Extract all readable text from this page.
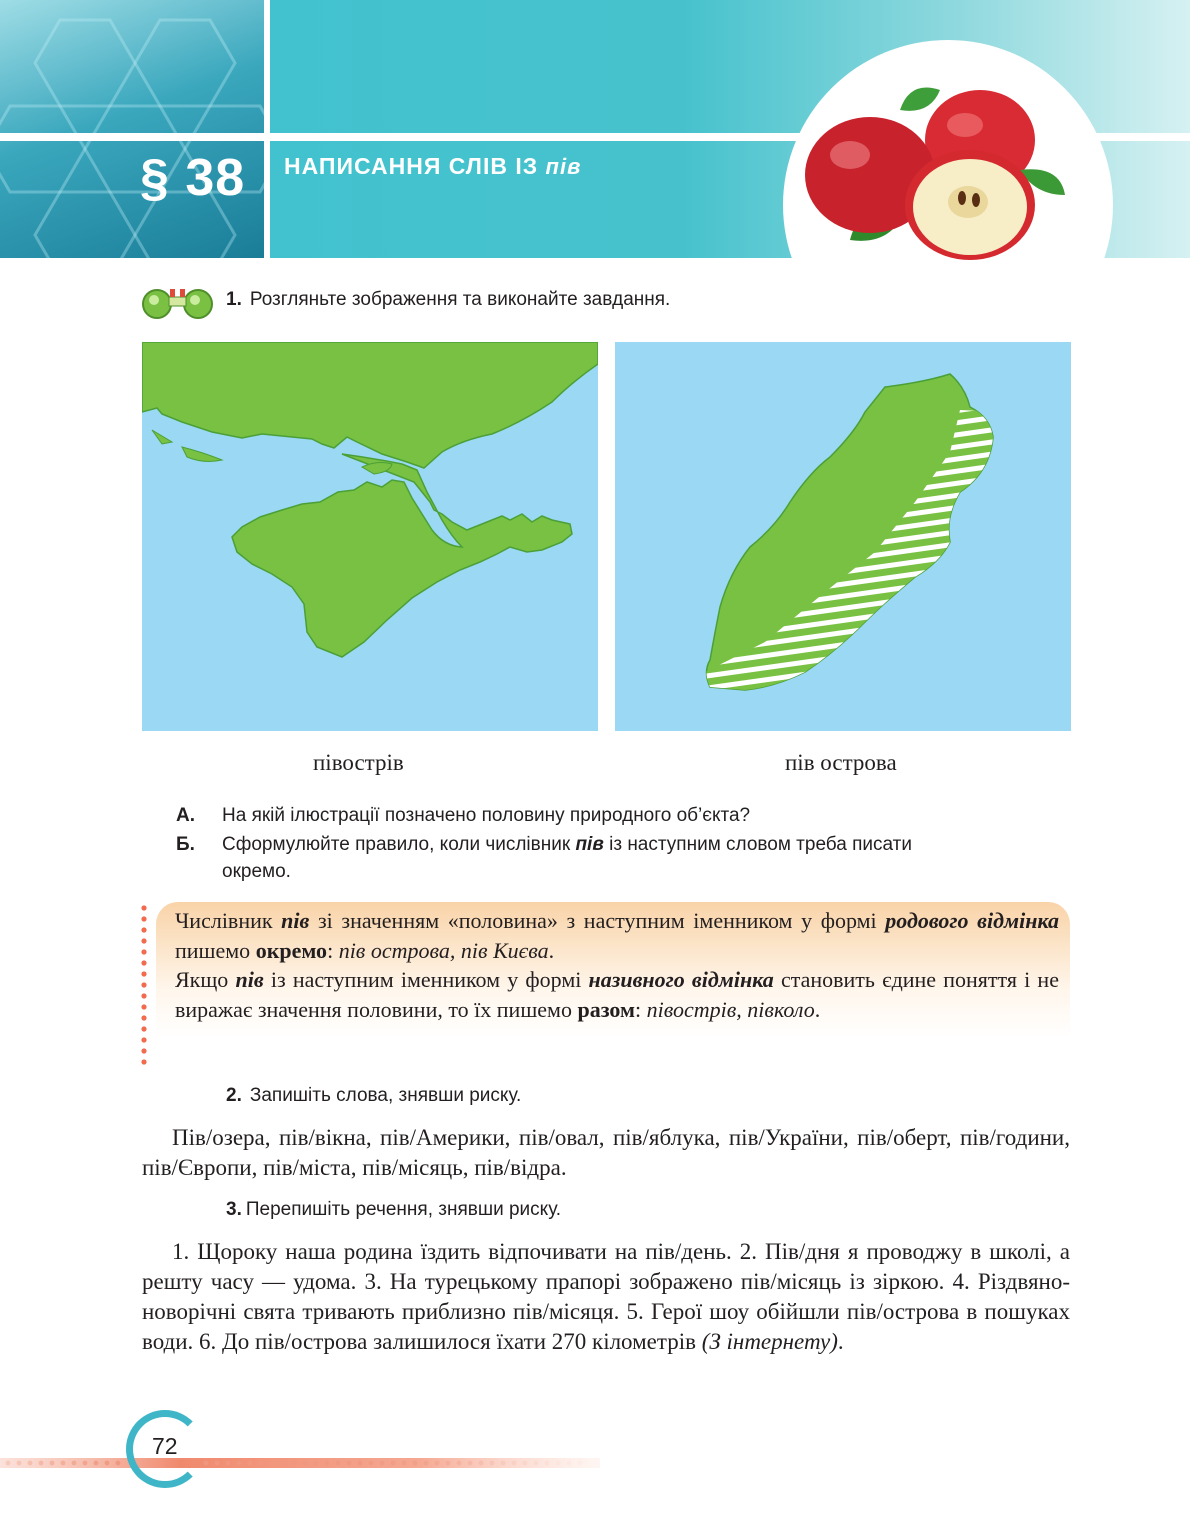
§ 38 НАПИСАННЯ СЛІВ ІЗ пів
1. Розгляньте зображення та виконайте завдання.
півострів	пів острова
А. На якій ілюстрації позначено половину природного об’єкта?
Б. Сформулюйте правило, коли числівник пів із наступним словом треба писати окремо.
Числівник пів зі значенням «половина» з наступним іменником у формі родового відмінка пишемо окремо: пів острова, пів Києва.
Якщо пів із наступним іменником у формі називного відмінка становить єдине поняття і не виражає значення половини, то їх пишемо разом: півострів, півколо.
2. Запишіть слова, знявши риску.
Пів/озера, пів/вікна, пів/Америки, пів/овал, пів/яблука, пів/України, пів/оберт, пів/години, пів/Європи, пів/міста, пів/місяць, пів/відра.
3. Перепишіть речення, знявши риску.
1. Щороку наша родина їздить відпочивати на пів/день. 2. Пів/дня я проводжу в школі, а решту часу — удома. 3. На турецькому прапорі зображено пів/місяць із зіркою. 4. Різдвяно-новорічні свята тривають приблизно пів/місяця. 5. Герої шоу обійшли пів/острова в пошуках води. 6. До пів/острова залишилося їхати 270 кілометрів (З інтернету).
72
